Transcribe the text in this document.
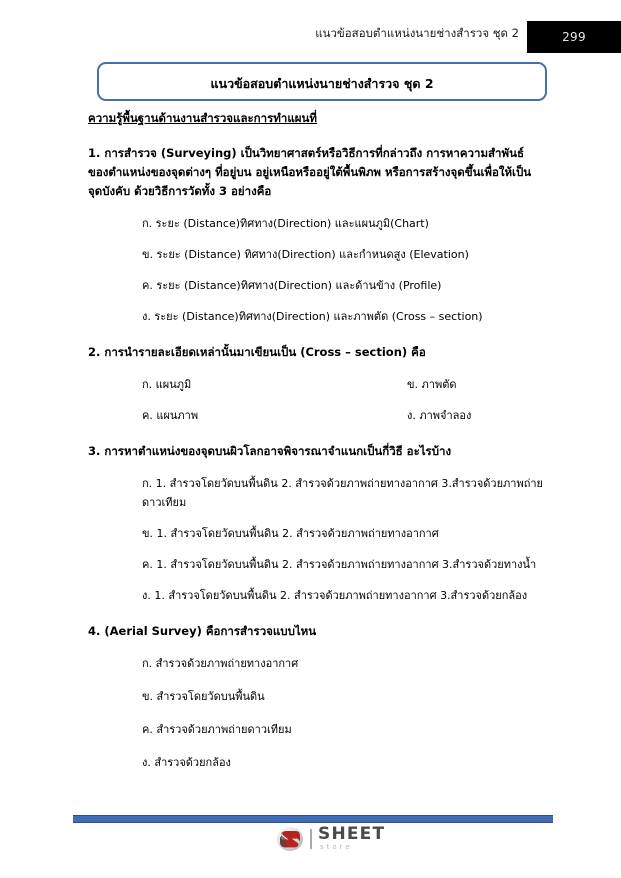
แนวข้อสอบตำแหน่งนายช่างสำรวจ ชุด 2	299
แนวข้อสอบตำแหน่งนายช่างสำรวจ ชุด 2
ความรู้พื้นฐานด้านงานสำรวจและการทำแผนที่
1. การสำรวจ (Surveying) เป็นวิทยาศาสตร์หรือวิธีการที่กล่าวถึง การหาความสำพันธ์ของตำแหน่งของจุดต่างๆ ที่อยู่บน อยู่เหนือหรืออยู่ใต้พื้นพิภพ หรือการสร้างจุดขึ้นเพื่อให้เป็นจุดบังคับ ด้วยวิธีการวัดทั้ง 3 อย่างคือ
ก. ระยะ (Distance)ทิศทาง(Direction) และแผนภูมิ(Chart)
ข. ระยะ (Distance) ทิศทาง(Direction) และกำหนดสูง (Elevation)
ค. ระยะ (Distance)ทิศทาง(Direction) และด้านข้าง (Profile)
ง. ระยะ (Distance)ทิศทาง(Direction) และภาพตัด (Cross – section)
2. การนำรายละเอียดเหล่านั้นมาเขียนเป็น (Cross – section) คือ
ก. แผนภูมิ	ข. ภาพตัด
ค. แผนภาพ	ง. ภาพจำลอง
3. การหาตำแหน่งของจุดบนผิวโลกอาจพิจารณาจำแนกเป็นกี่วิธี อะไรบ้าง
ก. 1. สำรวจโดยวัดบนพื้นดิน 2. สำรวจด้วยภาพถ่ายทางอากาศ 3.สำรวจด้วยภาพถ่ายดาวเทียม
ข. 1. สำรวจโดยวัดบนพื้นดิน 2. สำรวจด้วยภาพถ่ายทางอากาศ
ค. 1. สำรวจโดยวัดบนพื้นดิน 2. สำรวจด้วยภาพถ่ายทางอากาศ 3.สำรวจด้วยทางน้ำ
ง. 1. สำรวจโดยวัดบนพื้นดิน 2. สำรวจด้วยภาพถ่ายทางอากาศ 3.สำรวจด้วยกล้อง
4. (Aerial Survey) คือการสำรวจแบบไหน
ก. สำรวจด้วยภาพถ่ายทางอากาศ
ข. สำรวจโดยวัดบนพื้นดิน
ค. สำรวจด้วยภาพถ่ายดาวเทียม
ง. สำรวจด้วยกล้อง
SHEET
store
